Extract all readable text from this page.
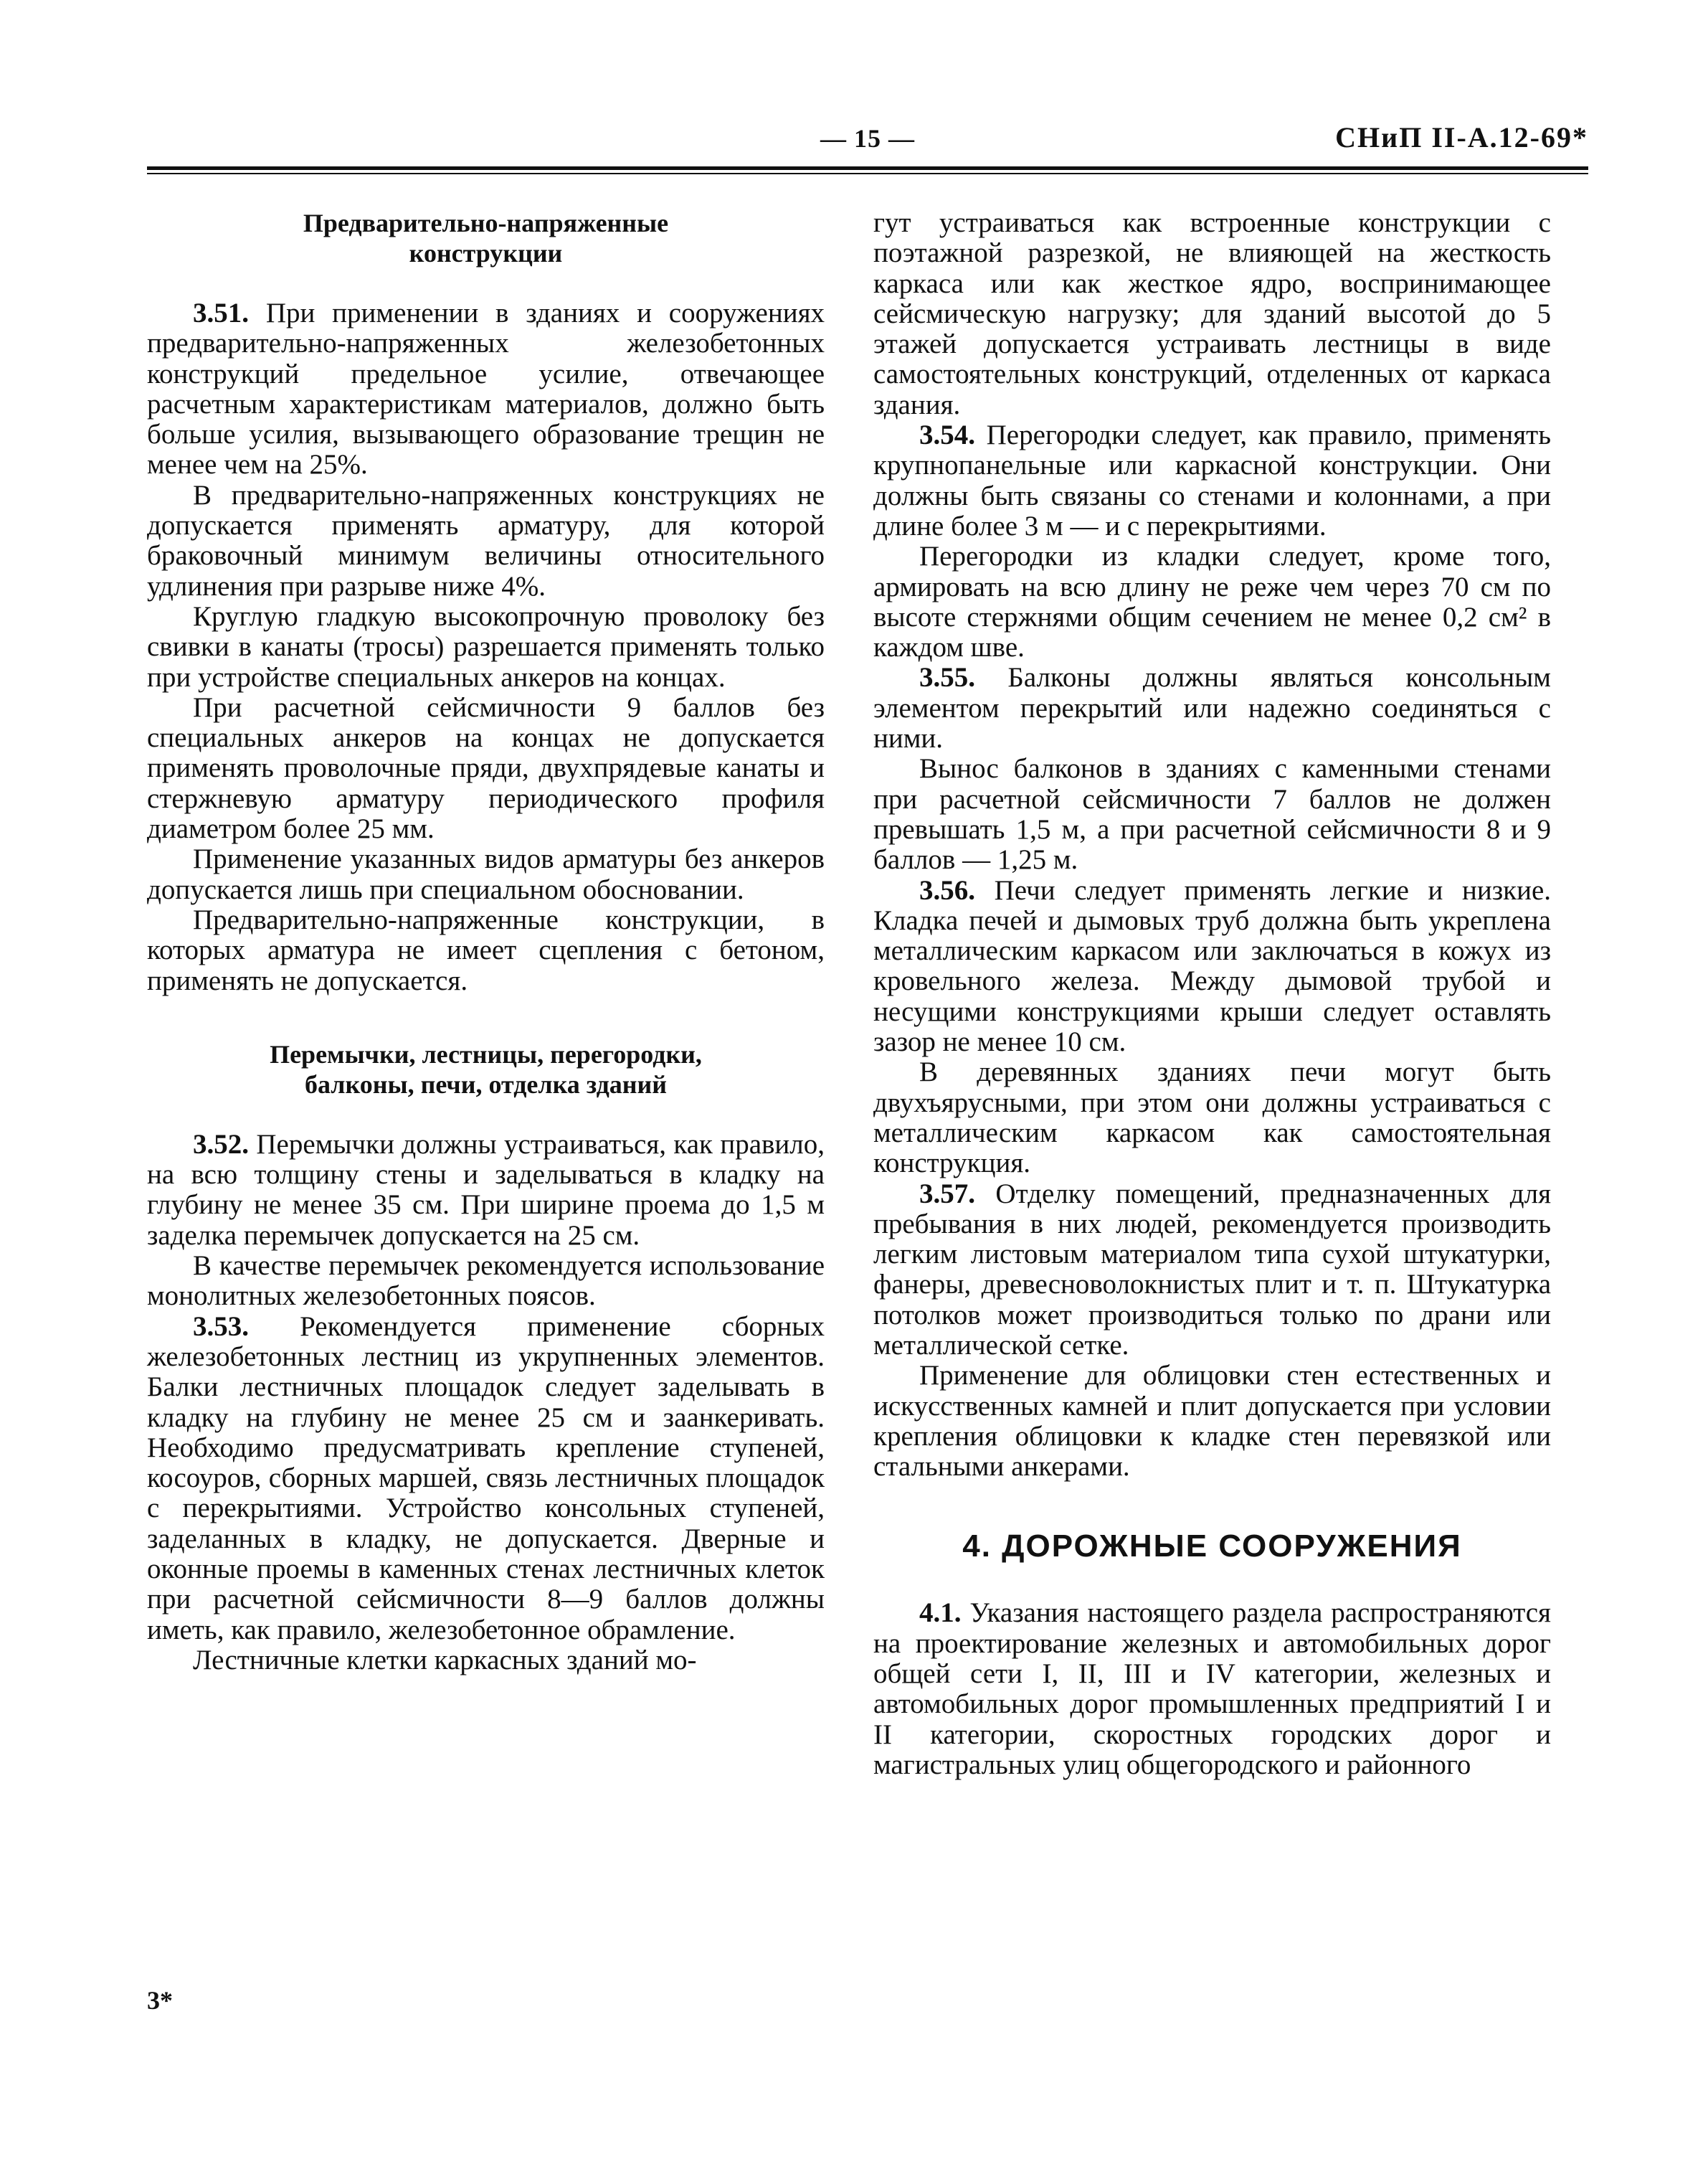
— 15 —	СНиП II-А.12-69*
Предварительно-напряженные
конструкции

3.51. При применении в зданиях и сооружениях предварительно-напряженных железобетонных конструкций предельное усилие, отвечающее расчетным характеристикам материалов, должно быть больше усилия, вызывающего образование трещин не менее чем на 25%.

В предварительно-напряженных конструкциях не допускается применять арматуру, для которой браковочный минимум величины относительного удлинения при разрыве ниже 4%.

Круглую гладкую высокопрочную проволоку без свивки в канаты (тросы) разрешается применять только при устройстве специальных анкеров на концах.

При расчетной сейсмичности 9 баллов без специальных анкеров на концах не допускается применять проволочные пряди, двухпрядевые канаты и стержневую арматуру периодического профиля диаметром более 25 мм.

Применение указанных видов арматуры без анкеров допускается лишь при специальном обосновании.

Предварительно-напряженные конструкции, в которых арматура не имеет сцепления с бетоном, применять не допускается.

Перемычки, лестницы, перегородки,
балконы, печи, отделка зданий

3.52. Перемычки должны устраиваться, как правило, на всю толщину стены и заделываться в кладку на глубину не менее 35 см. При ширине проема до 1,5 м заделка перемычек допускается на 25 см.

В качестве перемычек рекомендуется использование монолитных железобетонных поясов.

3.53. Рекомендуется применение сборных железобетонных лестниц из укрупненных элементов. Балки лестничных площадок следует заделывать в кладку на глубину не менее 25 см и заанкеривать. Необходимо предусматривать крепление ступеней, косоуров, сборных маршей, связь лестничных площадок с перекрытиями. Устройство консольных ступеней, заделанных в кладку, не допускается. Дверные и оконные проемы в каменных стенах лестничных клеток при расчетной сейсмичности 8—9 баллов должны иметь, как правило, железобетонное обрамление.

Лестничные клетки каркасных зданий мо-

гут устраиваться как встроенные конструкции с поэтажной разрезкой, не влияющей на жесткость каркаса или как жесткое ядро, воспринимающее сейсмическую нагрузку; для зданий высотой до 5 этажей допускается устраивать лестницы в виде самостоятельных конструкций, отделенных от каркаса здания.

3.54. Перегородки следует, как правило, применять крупнопанельные или каркасной конструкции. Они должны быть связаны со стенами и колоннами, а при длине более 3 м — и с перекрытиями.

Перегородки из кладки следует, кроме того, армировать на всю длину не реже чем через 70 см по высоте стержнями общим сечением не менее 0,2 см² в каждом шве.

3.55. Балконы должны являться консольным элементом перекрытий или надежно соединяться с ними.

Вынос балконов в зданиях с каменными стенами при расчетной сейсмичности 7 баллов не должен превышать 1,5 м, а при расчетной сейсмичности 8 и 9 баллов — 1,25 м.

3.56. Печи следует применять легкие и низкие. Кладка печей и дымовых труб должна быть укреплена металлическим каркасом или заключаться в кожух из кровельного железа. Между дымовой трубой и несущими конструкциями крыши следует оставлять зазор не менее 10 см.

В деревянных зданиях печи могут быть двухъярусными, при этом они должны устраиваться с металлическим каркасом как самостоятельная конструкция.

3.57. Отделку помещений, предназначенных для пребывания в них людей, рекомендуется производить легким листовым материалом типа сухой штукатурки, фанеры, древесноволокнистых плит и т. п. Штукатурка потолков может производиться только по драни или металлической сетке.

Применение для облицовки стен естественных и искусственных камней и плит допускается при условии крепления облицовки к кладке стен перевязкой или стальными анкерами.

4. ДОРОЖНЫЕ СООРУЖЕНИЯ

4.1. Указания настоящего раздела распространяются на проектирование железных и автомобильных дорог общей сети I, II, III и IV категории, железных и автомобильных дорог промышленных предприятий I и II категории, скоростных городских дорог и магистральных улиц общегородского и районного

3*
